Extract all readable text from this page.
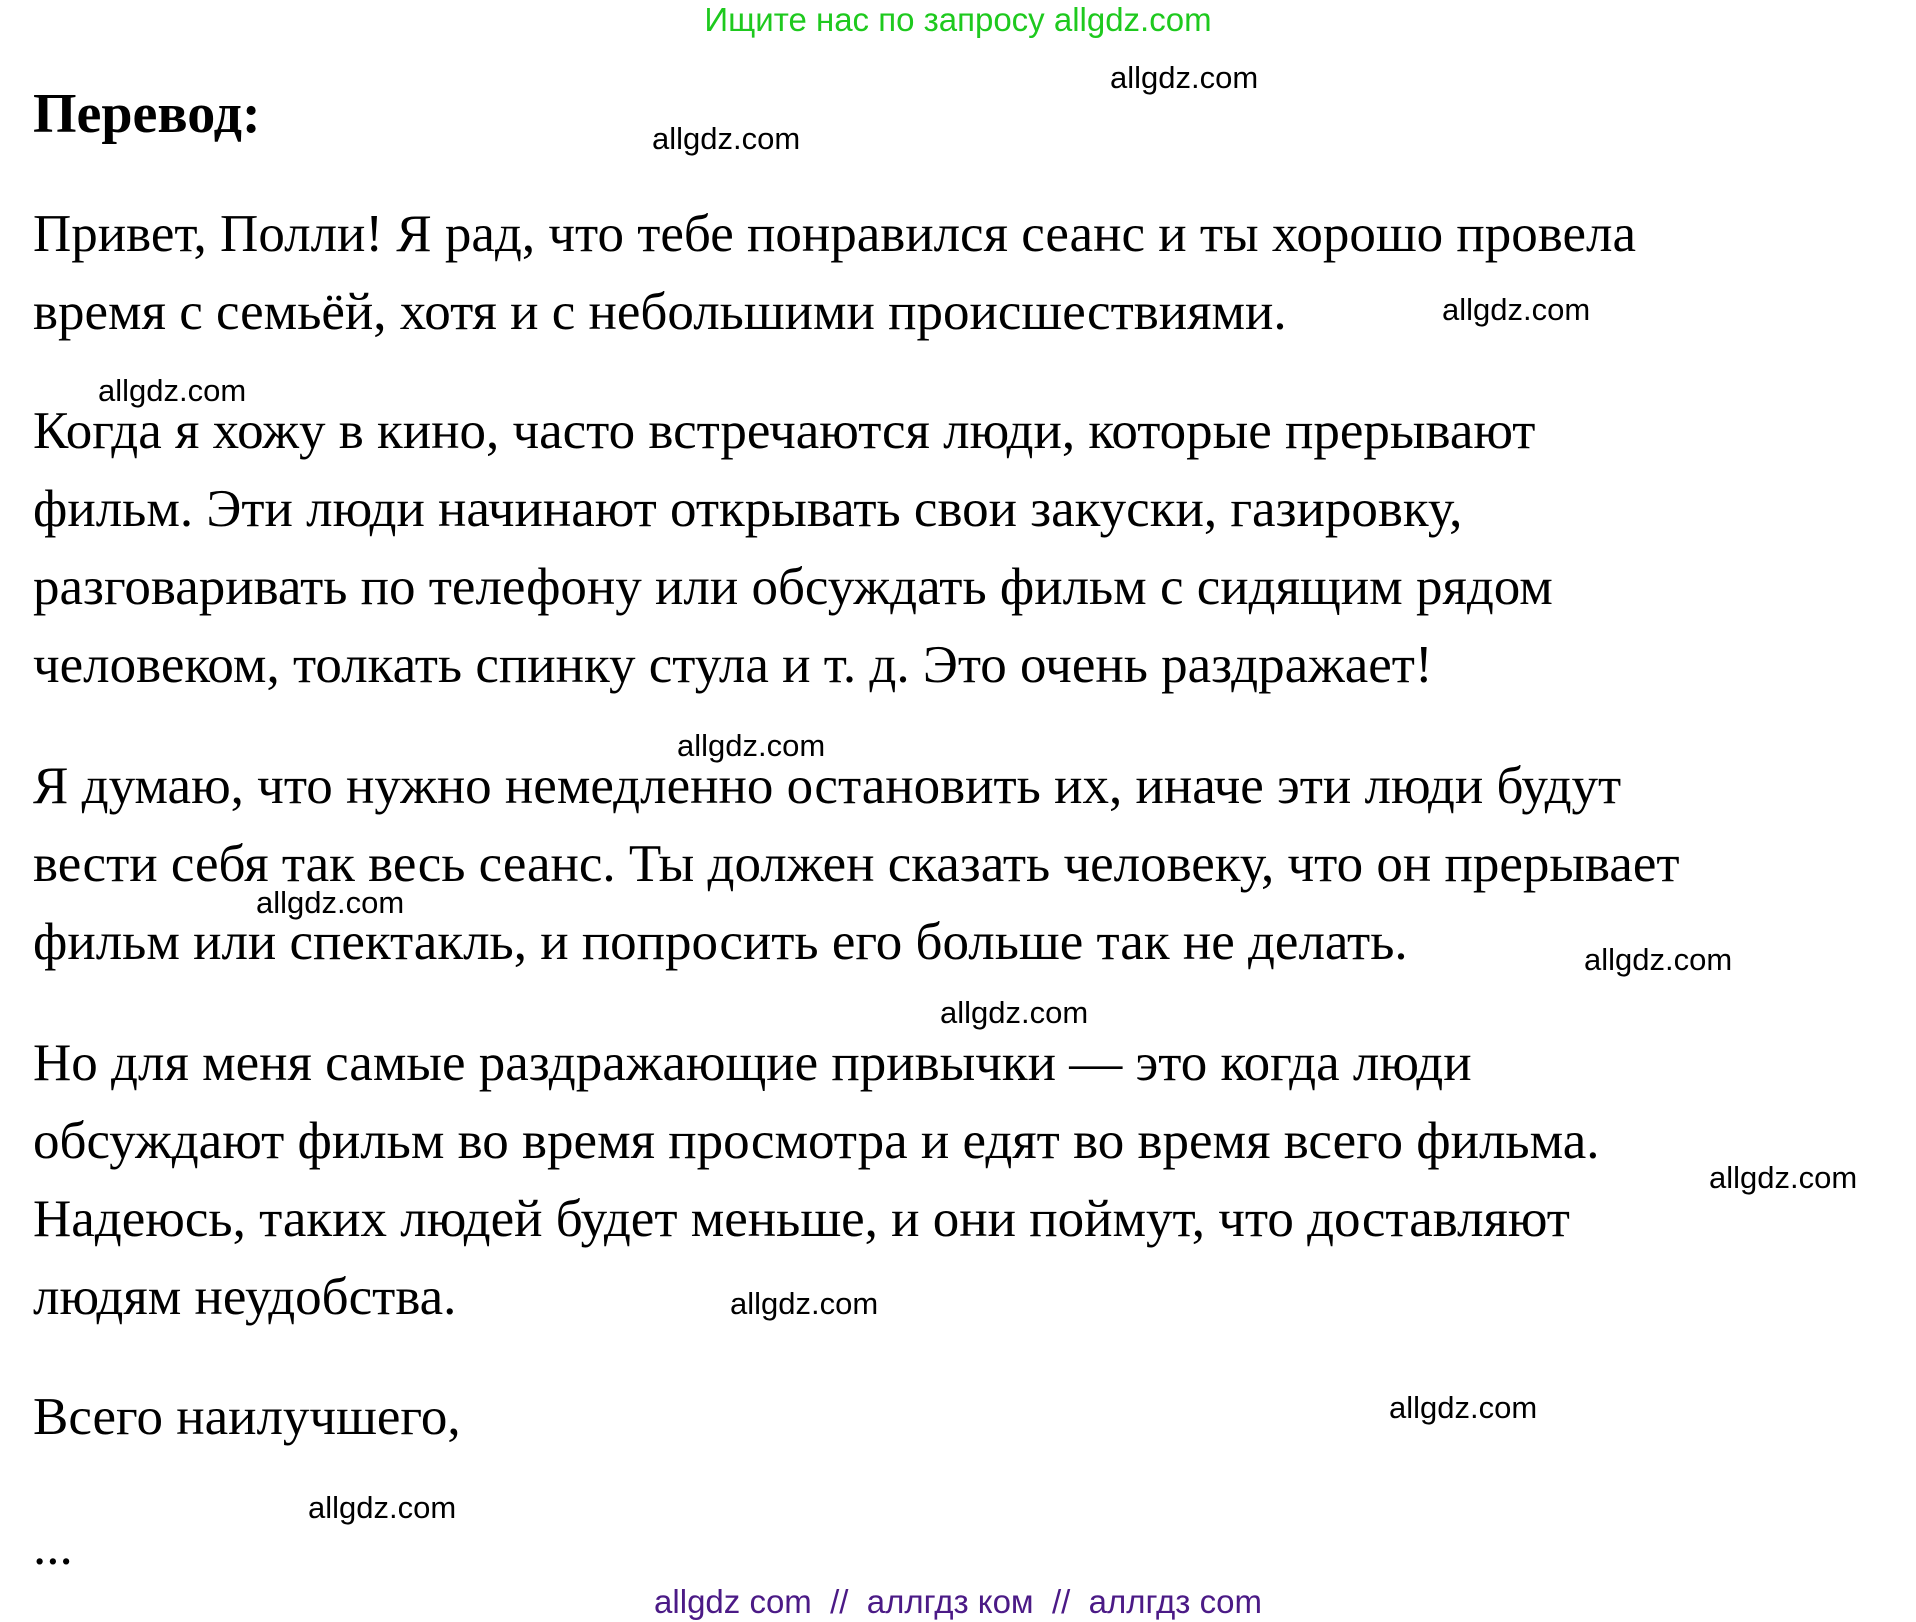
Ищите нас по запросу allgdz.com
Перевод:

Привет, Полли! Я рад, что тебе понравился сеанс и ты хорошо провела
время с семьёй, хотя и с небольшими происшествиями.

Когда я хожу в кино, часто встречаются люди, которые прерывают
фильм. Эти люди начинают открывать свои закуски, газировку,
разговаривать по телефону или обсуждать фильм с сидящим рядом
человеком, толкать спинку стула и т. д. Это очень раздражает!

Я думаю, что нужно немедленно остановить их, иначе эти люди будут
вести себя так весь сеанс. Ты должен сказать человеку, что он прерывает
фильм или спектакль, и попросить его больше так не делать.

Но для меня самые раздражающие привычки — это когда люди
обсуждают фильм во время просмотра и едят во время всего фильма.
Надеюсь, таких людей будет меньше, и они поймут, что доставляют
людям неудобства.

Всего наилучшего,

...

allgdz.com
allgdz.com
allgdz.com
allgdz.com
allgdz.com
allgdz.com
allgdz.com
allgdz.com
allgdz.com
allgdz.com
allgdz.com
allgdz.com
allgdz com  //  аллгдз ком  //  аллгдз com
